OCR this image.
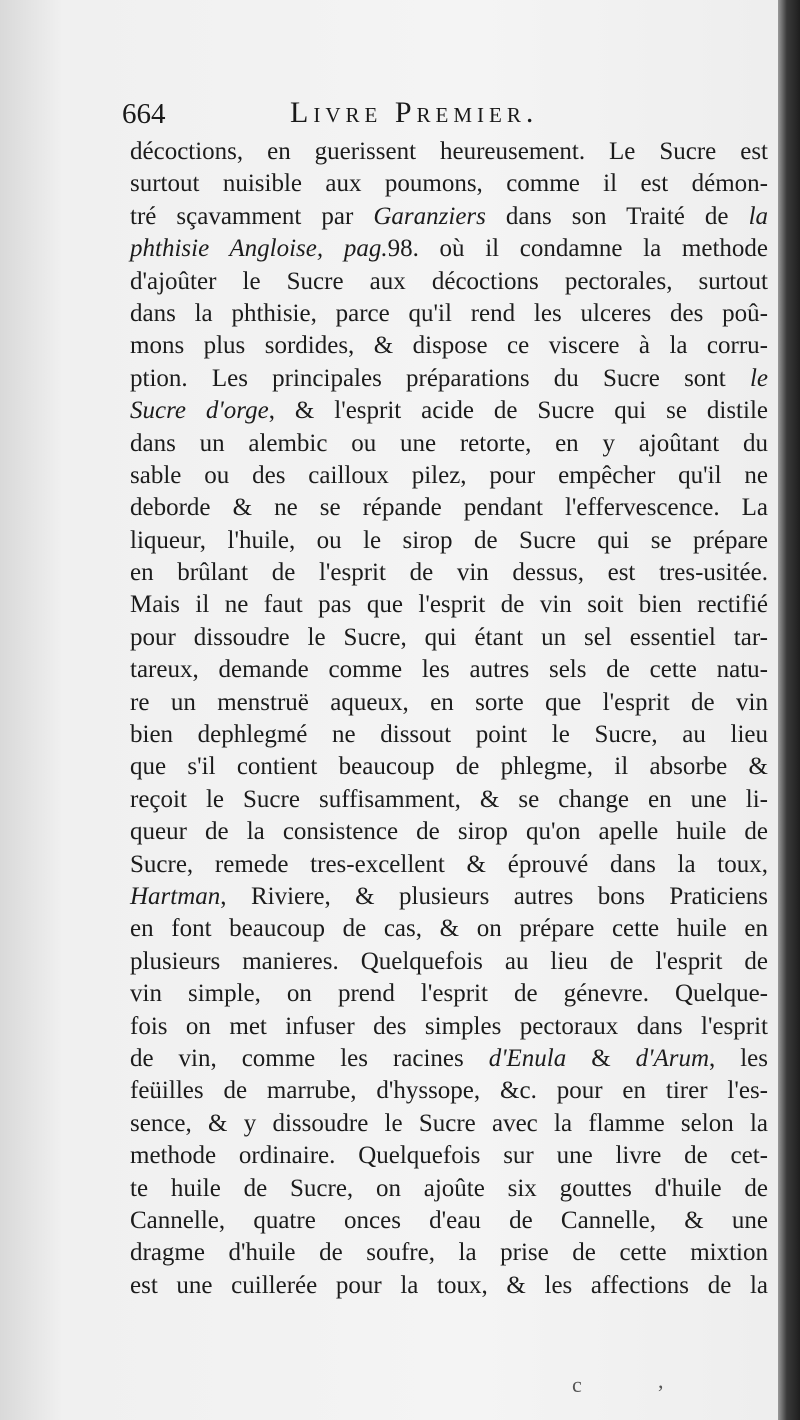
664	Livre Premier.
décoctions, en guerissent heureusement. Le Sucre est
surtout nuisible aux poumons, comme il est démon-
tré sçavamment par Garanziers dans son Traité de la
phthisie Angloise, pag.98. où il condamne la methode
d'ajoûter le Sucre aux décoctions pectorales, surtout
dans la phthisie, parce qu'il rend les ulceres des poû-
mons plus sordides, & dispose ce viscere à la corru-
ption. Les principales préparations du Sucre sont le
Sucre d'orge, & l'esprit acide de Sucre qui se distile
dans un alembic ou une retorte, en y ajoûtant du
sable ou des cailloux pilez, pour empêcher qu'il ne
deborde & ne se répande pendant l'effervescence. La
liqueur, l'huile, ou le sirop de Sucre qui se prépare
en brûlant de l'esprit de vin dessus, est tres-usitée.
Mais il ne faut pas que l'esprit de vin soit bien rectifié
pour dissoudre le Sucre, qui étant un sel essentiel tar-
tareux, demande comme les autres sels de cette natu-
re un menstruë aqueux, en sorte que l'esprit de vin
bien dephlegmé ne dissout point le Sucre, au lieu
que s'il contient beaucoup de phlegme, il absorbe &
reçoit le Sucre suffisamment, & se change en une li-
queur de la consistence de sirop qu'on apelle huile de
Sucre, remede tres-excellent & éprouvé dans la toux,
Hartman, Riviere, & plusieurs autres bons Praticiens
en font beaucoup de cas, & on prépare cette huile en
plusieurs manieres. Quelquefois au lieu de l'esprit de
vin simple, on prend l'esprit de génevre. Quelque-
fois on met infuser des simples pectoraux dans l'esprit
de vin, comme les racines d'Enula & d'Arum, les
feüilles de marrube, d'hyssope, &c. pour en tirer l'es-
sence, & y dissoudre le Sucre avec la flamme selon la
methode ordinaire. Quelquefois sur une livre de cet-
te huile de Sucre, on ajoûte six gouttes d'huile de
Cannelle, quatre onces d'eau de Cannelle, & une
dragme d'huile de soufre, la prise de cette mixtion
est une cuillerée pour la toux, & les affections de la
,
c
